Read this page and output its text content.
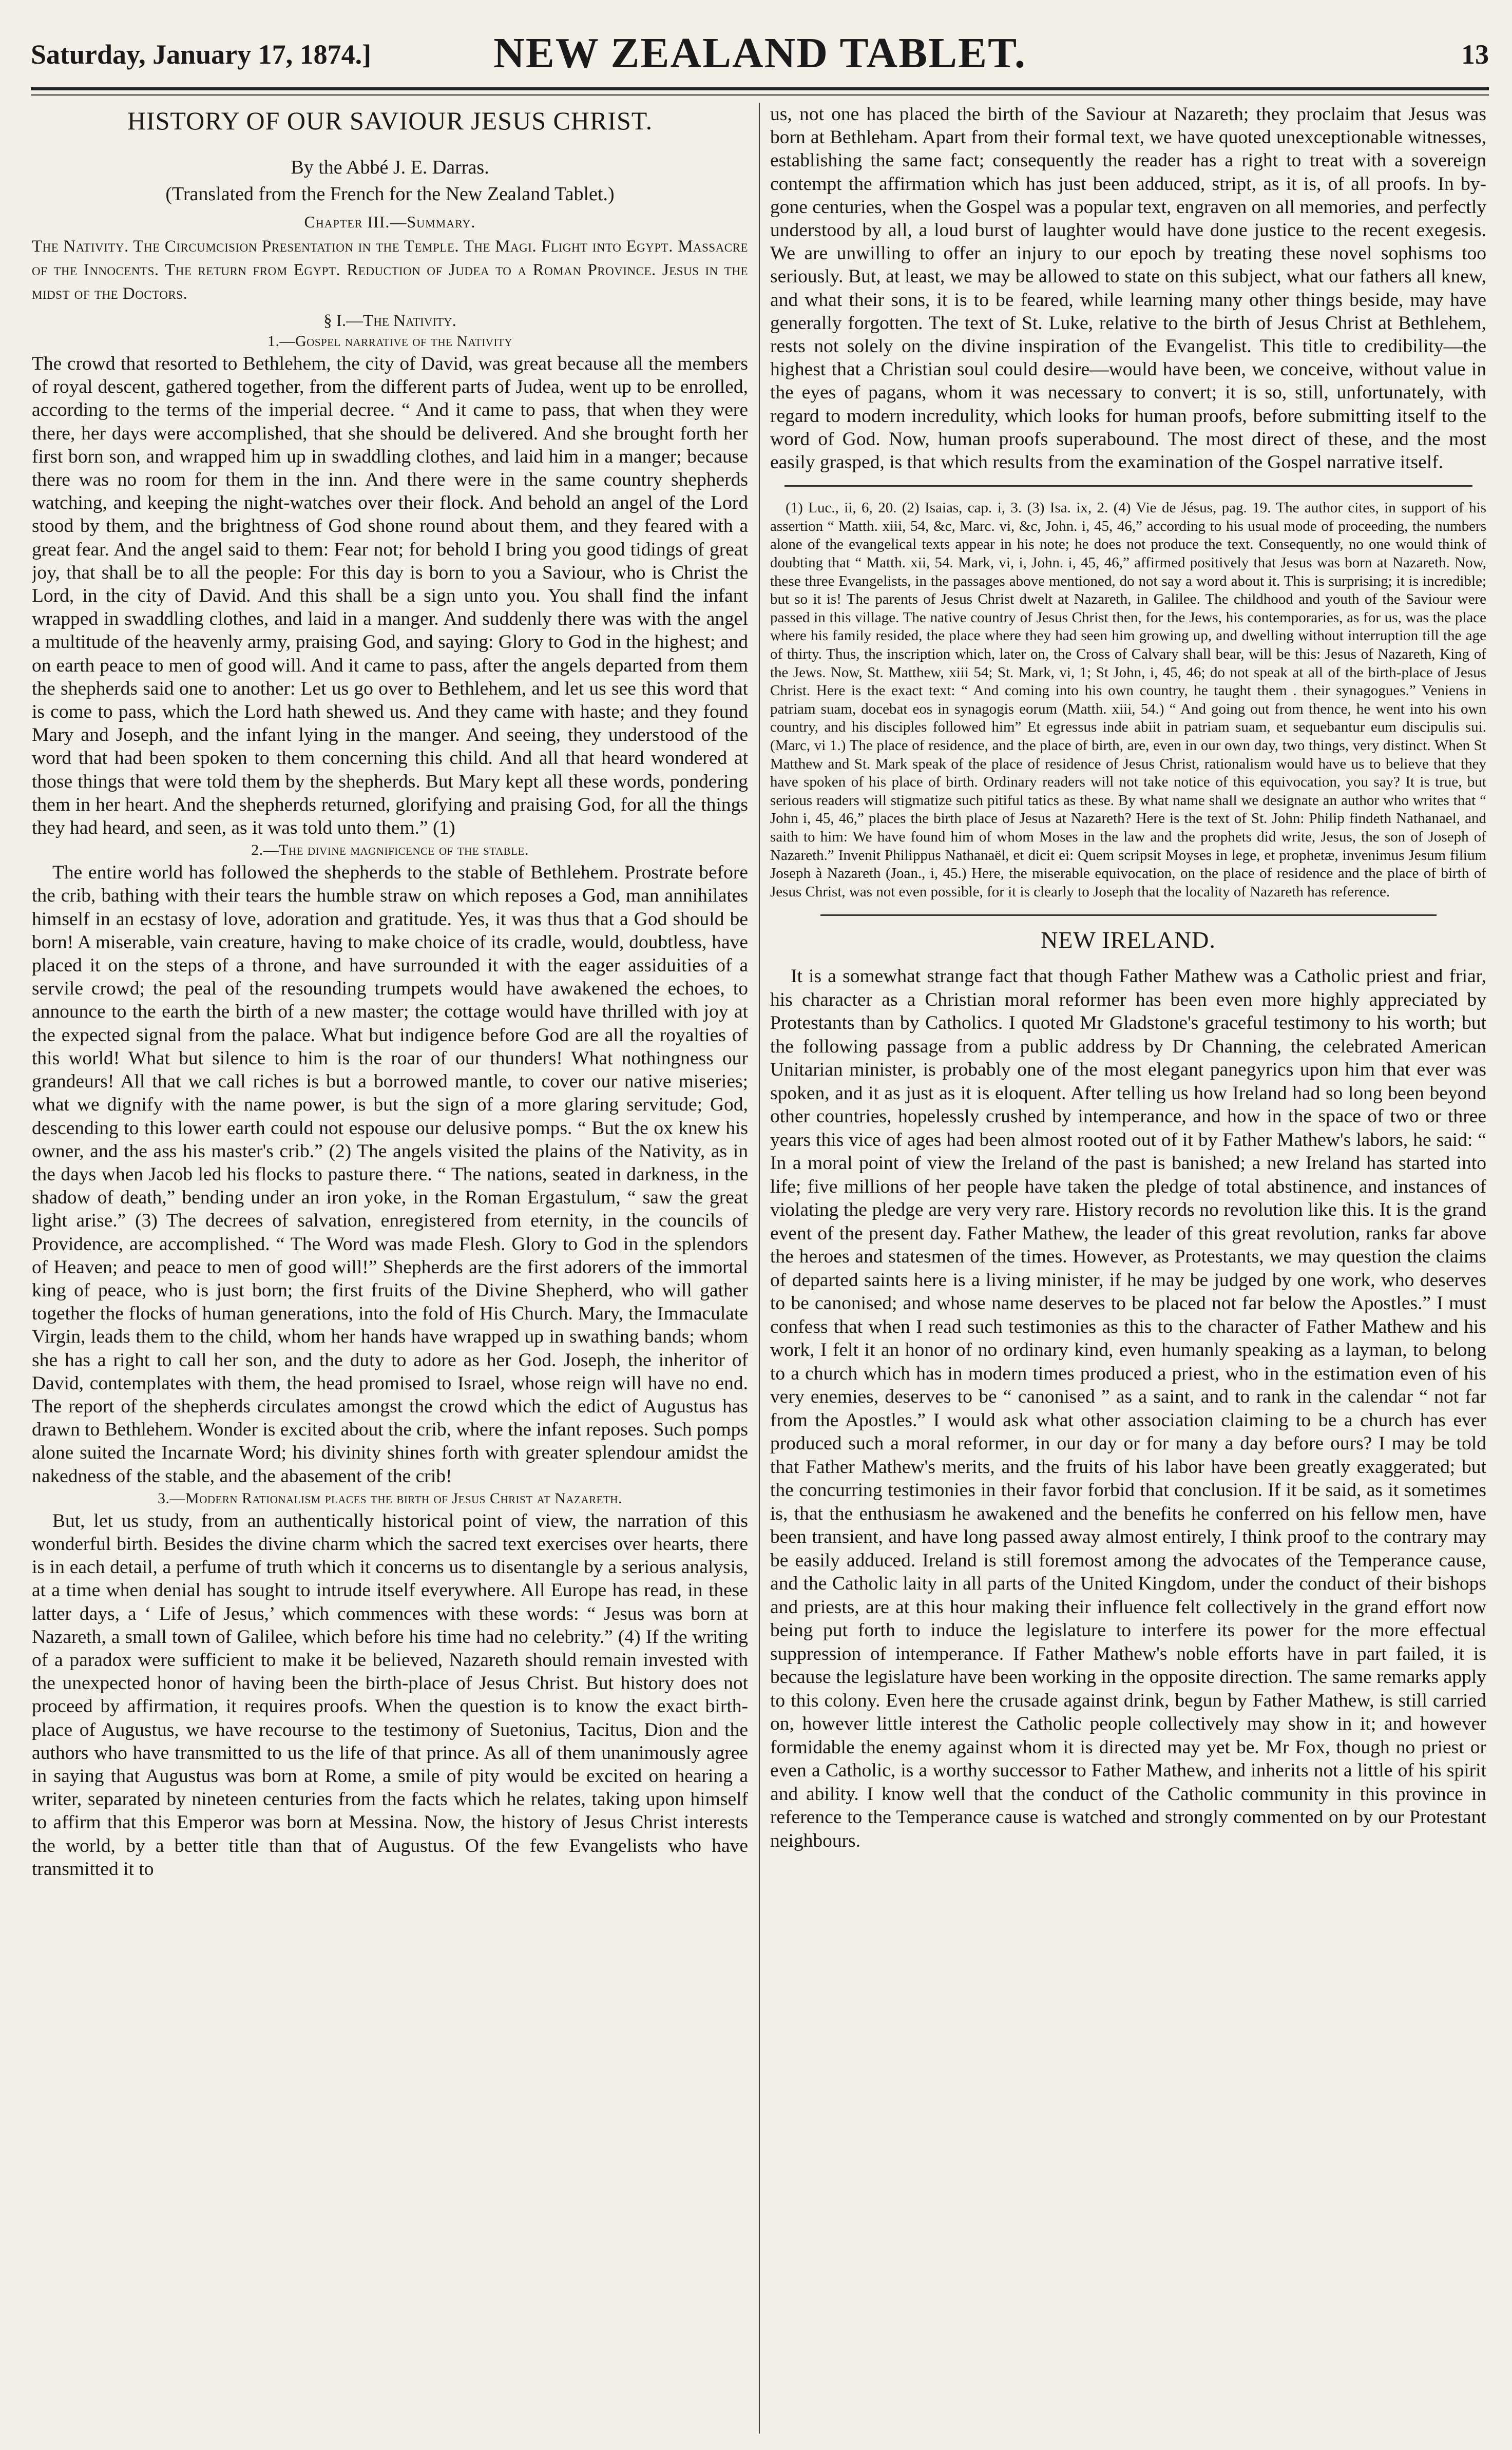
Saturday, January 17, 1874.]	NEW ZEALAND TABLET.	13
HISTORY OF OUR SAVIOUR JESUS CHRIST.
By the Abbé J. E. Darras.
(Translated from the French for the New Zealand Tablet.)
Chapter III.—Summary.

The Nativity. The Circumcision Presentation in the Temple. The Magi. Flight into Egypt. Massacre of the Innocents. The return from Egypt. Reduction of Judea to a Roman Province. Jesus in the midst of the Doctors.

§ I.—The Nativity.
1.—Gospel narrative of the Nativity

The crowd that resorted to Bethlehem, the city of David, was great because all the members of royal descent, gathered together, from the different parts of Judea, went up to be enrolled, according to the terms of the imperial decree. “ And it came to pass, that when they were there, her days were accomplished, that she should be delivered. And she brought forth her first born son, and wrapped him up in swaddling clothes, and laid him in a manger; because there was no room for them in the inn. And there were in the same country shepherds watching, and keeping the night-watches over their flock. And behold an angel of the Lord stood by them, and the brightness of God shone round about them, and they feared with a great fear. And the angel said to them: Fear not; for behold I bring you good tidings of great joy, that shall be to all the people: For this day is born to you a Saviour, who is Christ the Lord, in the city of David. And this shall be a sign unto you. You shall find the infant wrapped in swaddling clothes, and laid in a manger. And suddenly there was with the angel a multitude of the heavenly army, praising God, and saying: Glory to God in the highest; and on earth peace to men of good will. And it came to pass, after the angels departed from them the shepherds said one to another: Let us go over to Bethlehem, and let us see this word that is come to pass, which the Lord hath shewed us. And they came with haste; and they found Mary and Joseph, and the infant lying in the manger. And seeing, they understood of the word that had been spoken to them concerning this child. And all that heard wondered at those things that were told them by the shepherds. But Mary kept all these words, pondering them in her heart. And the shepherds returned, glorifying and praising God, for all the things they had heard, and seen, as it was told unto them.” (1)

2.—The divine magnificence of the stable.

The entire world has followed the shepherds to the stable of Bethlehem. Prostrate before the crib, bathing with their tears the humble straw on which reposes a God, man annihilates himself in an ecstasy of love, adoration and gratitude. Yes, it was thus that a God should be born! A miserable, vain creature, having to make choice of its cradle, would, doubtless, have placed it on the steps of a throne, and have surrounded it with the eager assiduities of a servile crowd; the peal of the resounding trumpets would have awakened the echoes, to announce to the earth the birth of a new master; the cottage would have thrilled with joy at the expected signal from the palace. What but indigence before God are all the royalties of this world! What but silence to him is the roar of our thunders! What nothingness our grandeurs! All that we call riches is but a borrowed mantle, to cover our native miseries; what we dignify with the name power, is but the sign of a more glaring servitude; God, descending to this lower earth could not espouse our delusive pomps. “ But the ox knew his owner, and the ass his master's crib.” (2) The angels visited the plains of the Nativity, as in the days when Jacob led his flocks to pasture there. “ The nations, seated in darkness, in the shadow of death,” bending under an iron yoke, in the Roman Ergastulum, “ saw the great light arise.” (3) The decrees of salvation, enregistered from eternity, in the councils of Providence, are accomplished. “ The Word was made Flesh. Glory to God in the splendors of Heaven; and peace to men of good will!” Shepherds are the first adorers of the immortal king of peace, who is just born; the first fruits of the Divine Shepherd, who will gather together the flocks of human generations, into the fold of His Church. Mary, the Immaculate Virgin, leads them to the child, whom her hands have wrapped up in swathing bands; whom she has a right to call her son, and the duty to adore as her God. Joseph, the inheritor of David, contemplates with them, the head promised to Israel, whose reign will have no end. The report of the shepherds circulates amongst the crowd which the edict of Augustus has drawn to Bethlehem. Wonder is excited about the crib, where the infant reposes. Such pomps alone suited the Incarnate Word; his divinity shines forth with greater splendour amidst the nakedness of the stable, and the abasement of the crib!

3.—Modern Rationalism places the birth of Jesus Christ at Nazareth.

But, let us study, from an authentically historical point of view, the narration of this wonderful birth. Besides the divine charm which the sacred text exercises over hearts, there is in each detail, a perfume of truth which it concerns us to disentangle by a serious analysis, at a time when denial has sought to intrude itself everywhere. All Europe has read, in these latter days, a ‘ Life of Jesus,’ which commences with these words: “ Jesus was born at Nazareth, a small town of Galilee, which before his time had no celebrity.” (4) If the writing of a paradox were sufficient to make it be believed, Nazareth should remain invested with the unexpected honor of having been the birth-place of Jesus Christ. But history does not proceed by affirmation, it requires proofs. When the question is to know the exact birth-place of Augustus, we have recourse to the testimony of Suetonius, Tacitus, Dion and the authors who have transmitted to us the life of that prince. As all of them unanimously agree in saying that Augustus was born at Rome, a smile of pity would be excited on hearing a writer, separated by nineteen centuries from the facts which he relates, taking upon himself to affirm that this Emperor was born at Messina. Now, the history of Jesus Christ interests the world, by a better title than that of Augustus. Of the few Evangelists who have transmitted it to

us, not one has placed the birth of the Saviour at Nazareth; they proclaim that Jesus was born at Bethleham. Apart from their formal text, we have quoted unexceptionable witnesses, establishing the same fact; consequently the reader has a right to treat with a sovereign contempt the affirmation which has just been adduced, stript, as it is, of all proofs. In by-gone centuries, when the Gospel was a popular text, engraven on all memories, and perfectly understood by all, a loud burst of laughter would have done justice to the recent exegesis. We are unwilling to offer an injury to our epoch by treating these novel sophisms too seriously. But, at least, we may be allowed to state on this subject, what our fathers all knew, and what their sons, it is to be feared, while learning many other things beside, may have generally forgotten. The text of St. Luke, relative to the birth of Jesus Christ at Bethlehem, rests not solely on the divine inspiration of the Evangelist. This title to credibility—the highest that a Christian soul could desire—would have been, we conceive, without value in the eyes of pagans, whom it was necessary to convert; it is so, still, unfortunately, with regard to modern incredulity, which looks for human proofs, before submitting itself to the word of God. Now, human proofs superabound. The most direct of these, and the most easily grasped, is that which results from the examination of the Gospel narrative itself.

(1) Luc., ii, 6, 20. (2) Isaias, cap. i, 3. (3) Isa. ix, 2. (4) Vie de Jésus, pag. 19. The author cites, in support of his assertion “ Matth. xiii, 54, &c, Marc. vi, &c, John. i, 45, 46,” according to his usual mode of proceeding, the numbers alone of the evangelical texts appear in his note; he does not produce the text. Consequently, no one would think of doubting that “ Matth. xii, 54. Mark, vi, i, John. i, 45, 46,” affirmed positively that Jesus was born at Nazareth. Now, these three Evangelists, in the passages above mentioned, do not say a word about it. This is surprising; it is incredible; but so it is! The parents of Jesus Christ dwelt at Nazareth, in Galilee. The childhood and youth of the Saviour were passed in this village. The native country of Jesus Christ then, for the Jews, his contemporaries, as for us, was the place where his family resided, the place where they had seen him growing up, and dwelling without interruption till the age of thirty. Thus, the inscription which, later on, the Cross of Calvary shall bear, will be this: Jesus of Nazareth, King of the Jews. Now, St. Matthew, xiii 54; St. Mark, vi, 1; St John, i, 45, 46; do not speak at all of the birth-place of Jesus Christ. Here is the exact text: “ And coming into his own country, he taught them . their synagogues.” Veniens in patriam suam, docebat eos in synagogis eorum (Matth. xiii, 54.) “ And going out from thence, he went into his own country, and his disciples followed him” Et egressus inde abiit in patriam suam, et sequebantur eum discipulis sui. (Marc, vi 1.) The place of residence, and the place of birth, are, even in our own day, two things, very distinct. When St Matthew and St. Mark speak of the place of residence of Jesus Christ, rationalism would have us to believe that they have spoken of his place of birth. Ordinary readers will not take notice of this equivocation, you say? It is true, but serious readers will stigmatize such pitiful tatics as these. By what name shall we designate an author who writes that “ John i, 45, 46,” places the birth place of Jesus at Nazareth? Here is the text of St. John: Philip findeth Nathanael, and saith to him: We have found him of whom Moses in the law and the prophets did write, Jesus, the son of Joseph of Nazareth.” Invenit Philippus Nathanaël, et dicit ei: Quem scripsit Moyses in lege, et prophetæ, invenimus Jesum filium Joseph à Nazareth (Joan., i, 45.) Here, the miserable equivocation, on the place of residence and the place of birth of Jesus Christ, was not even possible, for it is clearly to Joseph that the locality of Nazareth has reference.

NEW IRELAND.

It is a somewhat strange fact that though Father Mathew was a Catholic priest and friar, his character as a Christian moral reformer has been even more highly appreciated by Protestants than by Catholics. I quoted Mr Gladstone's graceful testimony to his worth; but the following passage from a public address by Dr Channing, the celebrated American Unitarian minister, is probably one of the most elegant panegyrics upon him that ever was spoken, and it as just as it is eloquent. After telling us how Ireland had so long been beyond other countries, hopelessly crushed by intemperance, and how in the space of two or three years this vice of ages had been almost rooted out of it by Father Mathew's labors, he said: “ In a moral point of view the Ireland of the past is banished; a new Ireland has started into life; five millions of her people have taken the pledge of total abstinence, and instances of violating the pledge are very very rare. History records no revolution like this. It is the grand event of the present day. Father Mathew, the leader of this great revolution, ranks far above the heroes and statesmen of the times. However, as Protestants, we may question the claims of departed saints here is a living minister, if he may be judged by one work, who deserves to be canonised; and whose name deserves to be placed not far below the Apostles.” I must confess that when I read such testimonies as this to the character of Father Mathew and his work, I felt it an honor of no ordinary kind, even humanly speaking as a layman, to belong to a church which has in modern times produced a priest, who in the estimation even of his very enemies, deserves to be “ canonised ” as a saint, and to rank in the calendar “ not far from the Apostles.” I would ask what other association claiming to be a church has ever produced such a moral reformer, in our day or for many a day before ours? I may be told that Father Mathew's merits, and the fruits of his labor have been greatly exaggerated; but the concurring testimonies in their favor forbid that conclusion. If it be said, as it sometimes is, that the enthusiasm he awakened and the benefits he conferred on his fellow men, have been transient, and have long passed away almost entirely, I think proof to the contrary may be easily adduced. Ireland is still foremost among the advocates of the Temperance cause, and the Catholic laity in all parts of the United Kingdom, under the conduct of their bishops and priests, are at this hour making their influence felt collectively in the grand effort now being put forth to induce the legislature to interfere its power for the more effectual suppression of intemperance. If Father Mathew's noble efforts have in part failed, it is because the legislature have been working in the opposite direction. The same remarks apply to this colony. Even here the crusade against drink, begun by Father Mathew, is still carried on, however little interest the Catholic people collectively may show in it; and however formidable the enemy against whom it is directed may yet be. Mr Fox, though no priest or even a Catholic, is a worthy successor to Father Mathew, and inherits not a little of his spirit and ability. I know well that the conduct of the Catholic community in this province in reference to the Temperance cause is watched and strongly commented on by our Protestant neighbours.
